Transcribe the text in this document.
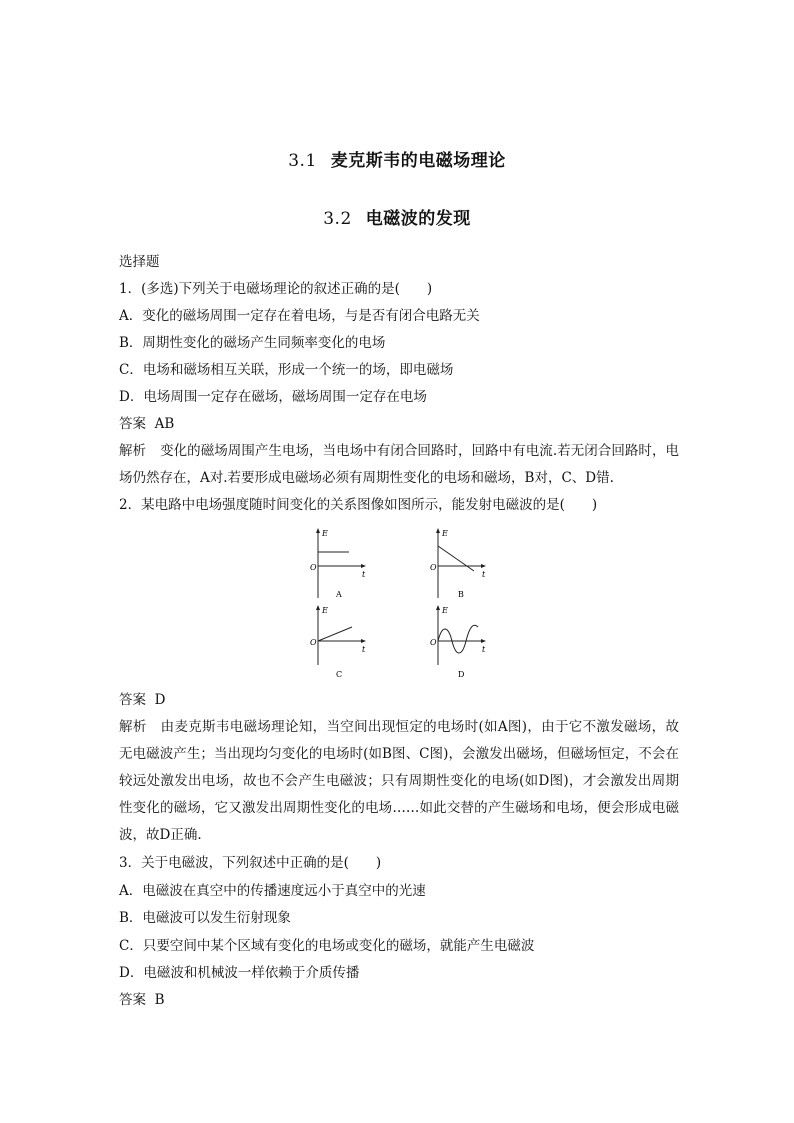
3.1 麦克斯韦的电磁场理论
3.2 电磁波的发现
选择题
1．(多选)下列关于电磁场理论的叙述正确的是(　　)
A．变化的磁场周围一定存在着电场，与是否有闭合电路无关
B．周期性变化的磁场产生同频率变化的电场
C．电场和磁场相互关联，形成一个统一的场，即电磁场
D．电场周围一定存在磁场，磁场周围一定存在电场
答案 AB
解析 变化的磁场周围产生电场，当电场中有闭合回路时，回路中有电流.若无闭合回路时，电场仍然存在，A对.若要形成电磁场必须有周期性变化的电场和磁场，B对，C、D错.
2．某电路中电场强度随时间变化的关系图像如图所示，能发射电磁波的是(　　)
E
O
t
A
E
O
t
B
E
O
t
C
E
O
t
D
答案 D
解析 由麦克斯韦电磁场理论知，当空间出现恒定的电场时(如A图)，由于它不激发磁场，故无电磁波产生；当出现均匀变化的电场时(如B图、C图)，会激发出磁场，但磁场恒定，不会在较远处激发出电场，故也不会产生电磁波；只有周期性变化的电场(如D图)，才会激发出周期性变化的磁场，它又激发出周期性变化的电场……如此交替的产生磁场和电场，便会形成电磁波，故D正确.
3．关于电磁波，下列叙述中正确的是(　　)
A．电磁波在真空中的传播速度远小于真空中的光速
B．电磁波可以发生衍射现象
C．只要空间中某个区域有变化的电场或变化的磁场，就能产生电磁波
D．电磁波和机械波一样依赖于介质传播
答案 B
